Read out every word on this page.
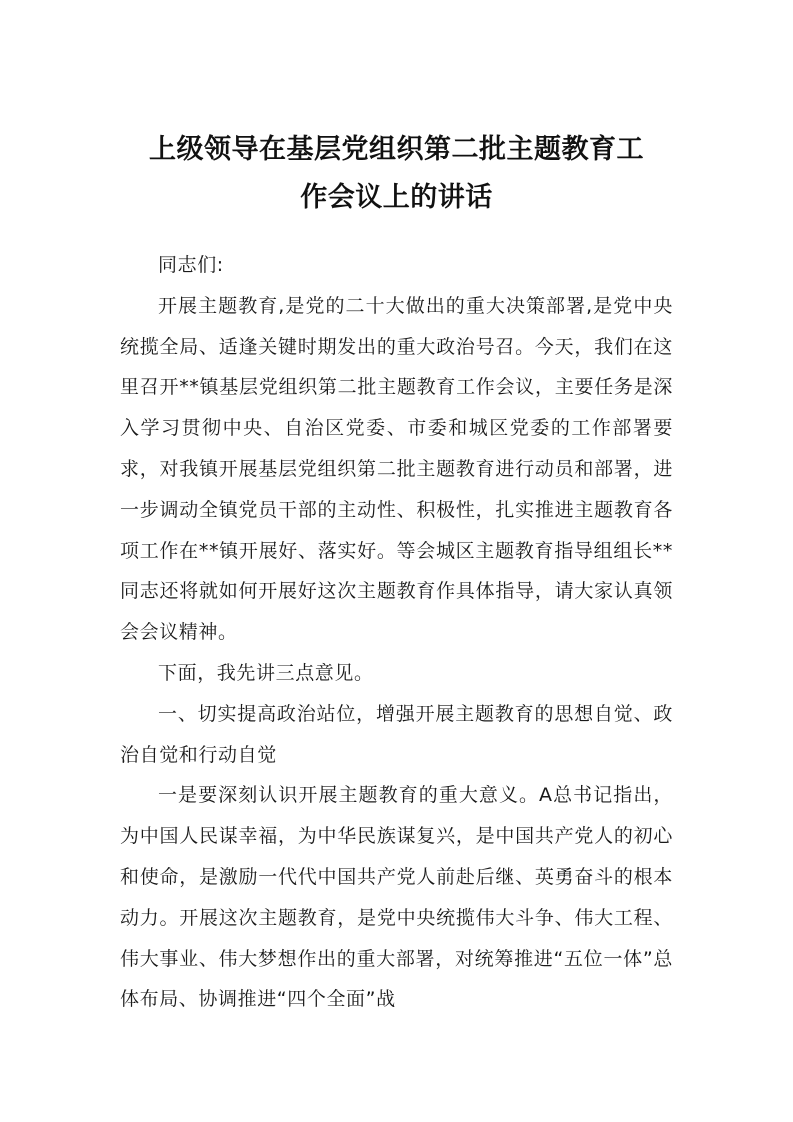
上级领导在基层党组织第二批主题教育工
作会议上的讲话

同志们:

开展主题教育,是党的二十大做出的重大决策部署,是党中央统揽全局、适逢关键时期发出的重大政治号召。今天，我们在这里召开**镇基层党组织第二批主题教育工作会议，主要任务是深入学习贯彻中央、自治区党委、市委和城区党委的工作部署要求，对我镇开展基层党组织第二批主题教育进行动员和部署，进一步调动全镇党员干部的主动性、积极性，扎实推进主题教育各项工作在**镇开展好、落实好。等会城区主题教育指导组组长**同志还将就如何开展好这次主题教育作具体指导，请大家认真领会会议精神。

下面，我先讲三点意见。

一、切实提高政治站位，增强开展主题教育的思想自觉、政治自觉和行动自觉

一是要深刻认识开展主题教育的重大意义。A总书记指出，为中国人民谋幸福，为中华民族谋复兴，是中国共产党人的初心和使命，是激励一代代中国共产党人前赴后继、英勇奋斗的根本动力。开展这次主题教育，是党中央统揽伟大斗争、伟大工程、伟大事业、伟大梦想作出的重大部署，对统筹推进“五位一体”总体布局、协调推进“四个全面”战
